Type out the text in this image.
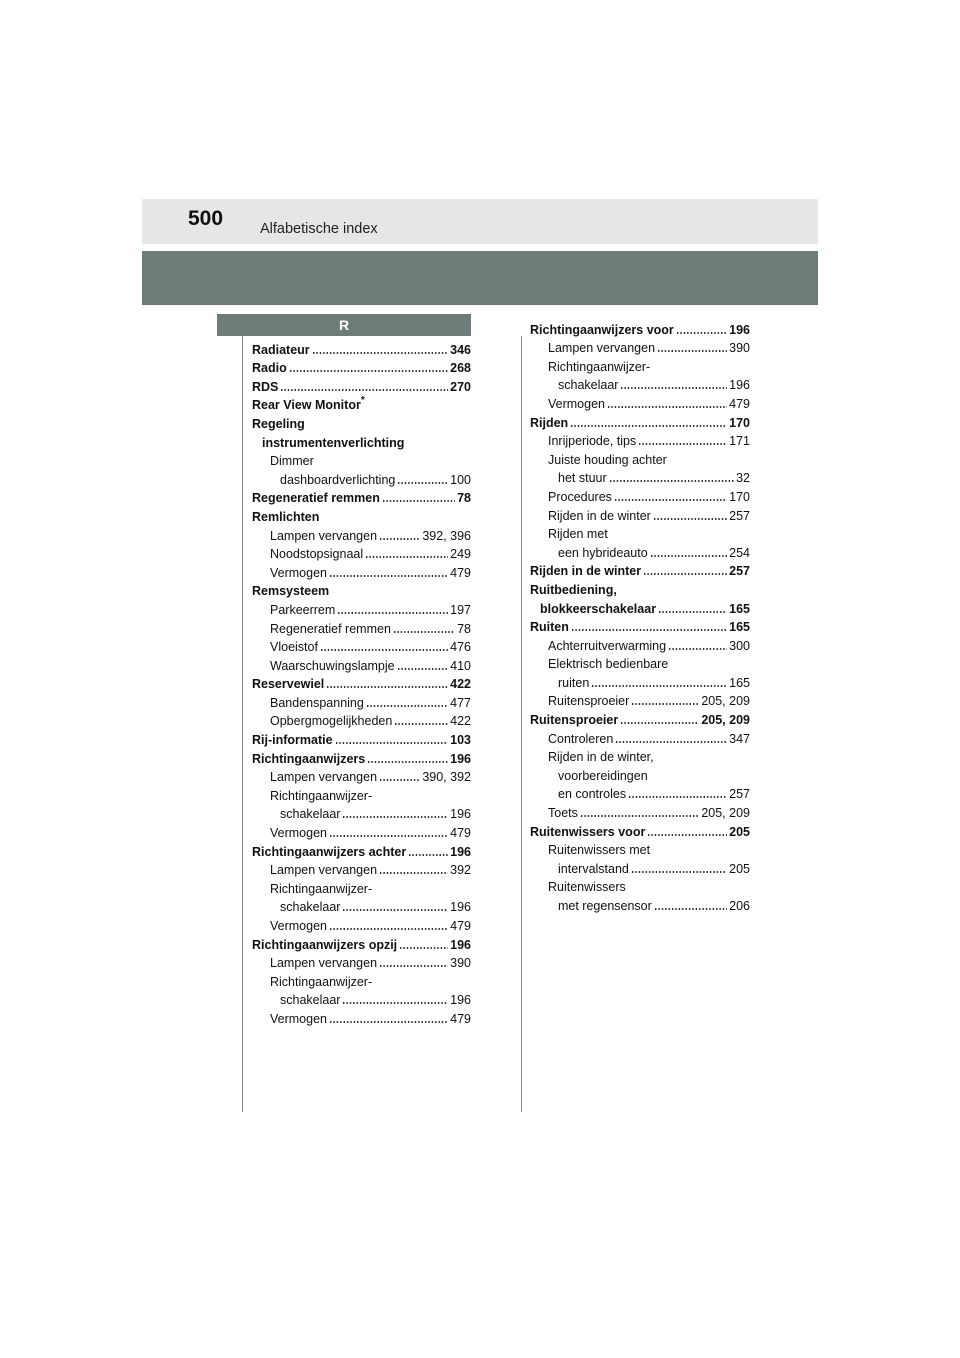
500	Alfabetische index
R
Radiateur	346
Radio	268
RDS	270
Rear View Monitor*
Regeling
instrumentenverlichting
Dimmer
dashboardverlichting	100
Regeneratief remmen	78
Remlichten
Lampen vervangen	392, 396
Noodstopsignaal	249
Vermogen	479
Remsysteem
Parkeerrem	197
Regeneratief remmen	78
Vloeistof	476
Waarschuwingslampje	410
Reservewiel	422
Bandenspanning	477
Opbergmogelijkheden	422
Rij-informatie	103
Richtingaanwijzers	196
Lampen vervangen	390, 392
Richtingaanwijzer-
schakelaar	196
Vermogen	479
Richtingaanwijzers achter	196
Lampen vervangen	392
Richtingaanwijzer-
schakelaar	196
Vermogen	479
Richtingaanwijzers opzij	196
Lampen vervangen	390
Richtingaanwijzer-
schakelaar	196
Vermogen	479
Richtingaanwijzers voor	196
Lampen vervangen	390
Richtingaanwijzer-
schakelaar	196
Vermogen	479
Rijden	170
Inrijperiode, tips	171
Juiste houding achter
het stuur	32
Procedures	170
Rijden in de winter	257
Rijden met
een hybrideauto	254
Rijden in de winter	257
Ruitbediening,
blokkeerschakelaar	165
Ruiten	165
Achterruitverwarming	300
Elektrisch bedienbare
ruiten	165
Ruitensproeier	205, 209
Ruitensproeier	205, 209
Controleren	347
Rijden in de winter,
voorbereidingen
en controles	257
Toets	205, 209
Ruitenwissers voor	205
Ruitenwissers met
intervalstand	205
Ruitenwissers
met regensensor	206
